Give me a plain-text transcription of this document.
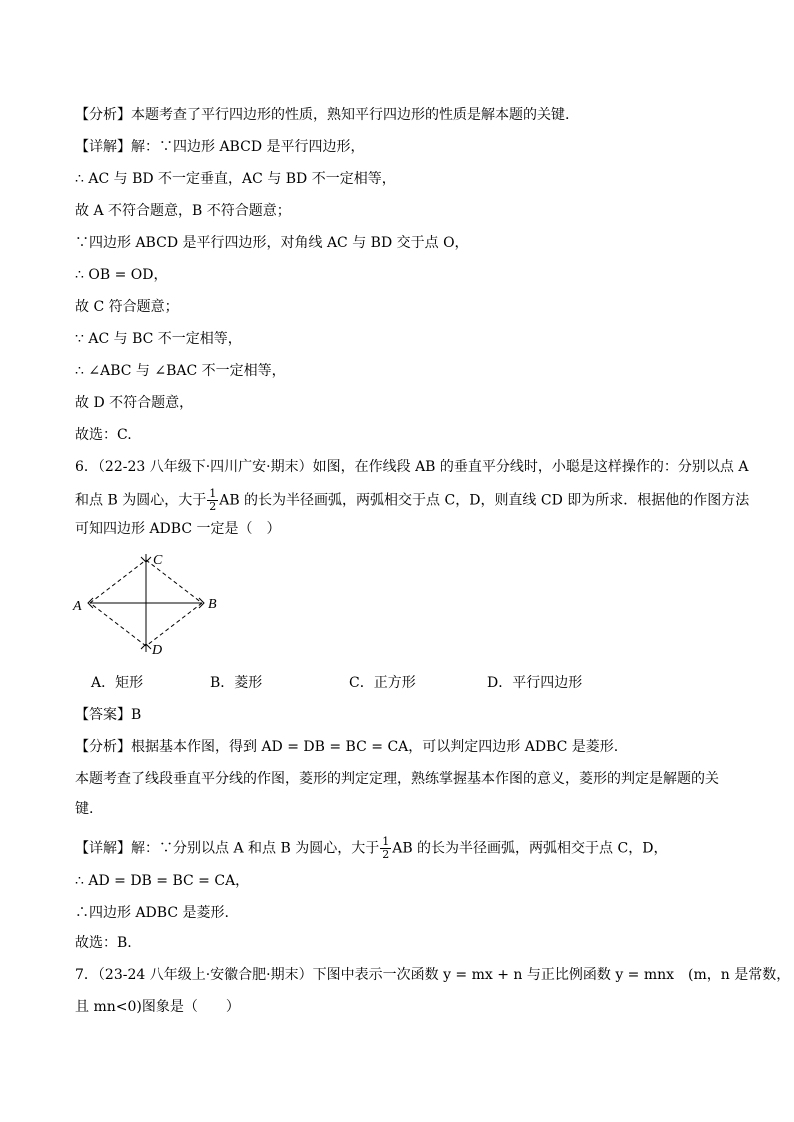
【分析】本题考查了平行四边形的性质，熟知平行四边形的性质是解本题的关键.
【详解】解：∵四边形 ABCD 是平行四边形，
∴ AC 与 BD 不一定垂直，AC 与 BD 不一定相等，
故 A 不符合题意，B 不符合题意；
∵四边形 ABCD 是平行四边形，对角线 AC 与 BD 交于点 O，
∴ OB = OD，
故 C 符合题意；
∵ AC 与 BC 不一定相等，
∴ ∠ABC 与 ∠BAC 不一定相等，
故 D 不符合题意，
故选：C.
6．（22-23 八年级下·四川广安·期末）如图，在作线段 AB 的垂直平分线时，小聪是这样操作的：分别以点 A
和点 B 为圆心，大于 $\frac{1}{2}$ AB 的长为半径画弧，两弧相交于点 C，D，则直线 CD 即为所求．根据他的作图方法
可知四边形 ADBC 一定是（　）
A	B
C
D
A．矩形	B．菱形	C．正方形	D．平行四边形
【答案】B
【分析】根据基本作图，得到 AD = DB = BC = CA，可以判定四边形 ADBC 是菱形.
本题考查了线段垂直平分线的作图，菱形的判定定理，熟练掌握基本作图的意义，菱形的判定是解题的关
键.
【详解】解：∵分别以点 A 和点 B 为圆心，大于 $\frac{1}{2}$ AB 的长为半径画弧，两弧相交于点 C，D，
∴ AD = DB = BC = CA，
∴四边形 ADBC 是菱形.
故选：B.
7．（23-24 八年级上·安徽合肥·期末）下图中表示一次函数 y = mx + n 与正比例函数 y = mnx　(m，n 是常数，
且 mn<0)图象是（　　）
